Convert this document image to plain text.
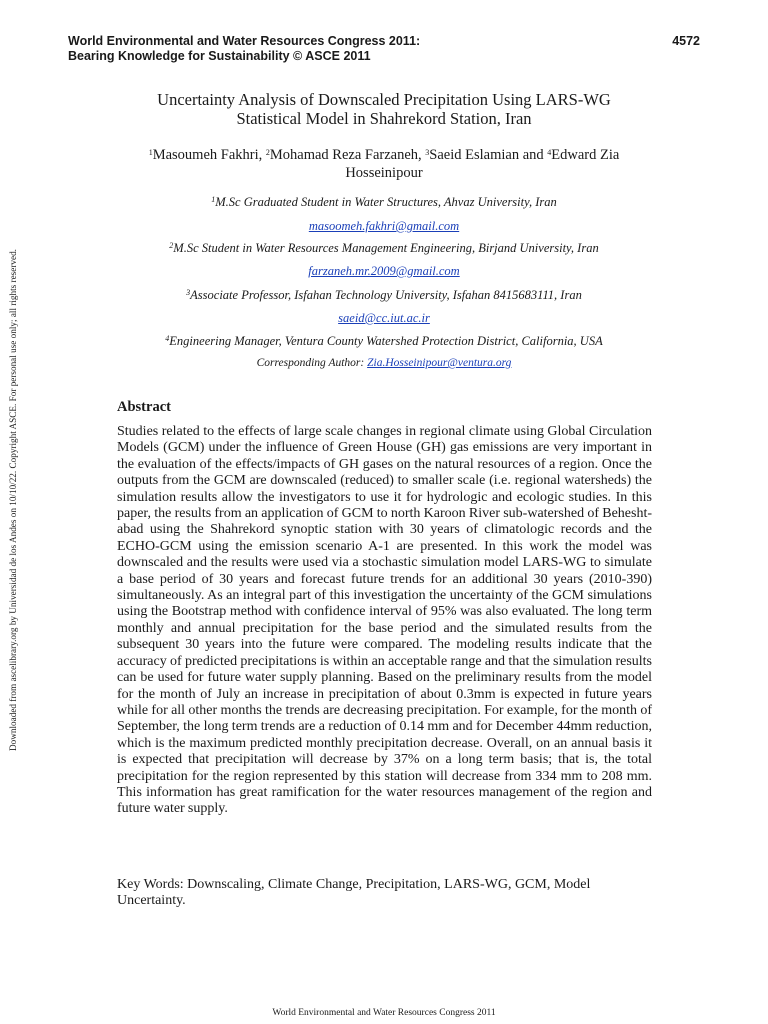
World Environmental and Water Resources Congress 2011:
Bearing Knowledge for Sustainability © ASCE 2011
4572
Downloaded from ascelibrary.org by Universidad de los Andes on 10/10/22. Copyright ASCE. For personal use only; all rights reserved.
Uncertainty Analysis of Downscaled Precipitation Using LARS-WG
Statistical Model in Shahrekord Station, Iran
$^1$Masoumeh Fakhri, $^2$Mohamad Reza Farzaneh, $^3$Saeid Eslamian and $^4$Edward Zia Hosseinipour
$^1$M.Sc Graduated Student in Water Structures, Ahvaz University, Iran
masoomeh.fakhri@gmail.com
$^2$M.Sc Student in Water Resources Management Engineering, Birjand University, Iran
farzaneh.mr.2009@gmail.com
$^3$Associate Professor, Isfahan Technology University, Isfahan 8415683111, Iran
saeid@cc.iut.ac.ir
$^4$Engineering Manager, Ventura County Watershed Protection District, California, USA
Corresponding Author: Zia.Hosseinipour@ventura.org
Abstract
Studies related to the effects of large scale changes in regional climate using Global Circulation Models (GCM) under the influence of Green House (GH) gas emissions are very important in the evaluation of the effects/impacts of GH gases on the natural resources of a region. Once the outputs from the GCM are downscaled (reduced) to smaller scale (i.e. regional watersheds) the simulation results allow the investigators to use it for hydrologic and ecologic studies. In this paper, the results from an application of GCM to north Karoon River sub-watershed of Behesht-abad using the Shahrekord synoptic station with 30 years of climatologic records and the ECHO-GCM using the emission scenario A-1 are presented. In this work the model was downscaled and the results were used via a stochastic simulation model LARS-WG to simulate a base period of 30 years and forecast future trends for an additional 30 years (2010-390) simultaneously. As an integral part of this investigation the uncertainty of the GCM simulations using the Bootstrap method with confidence interval of 95% was also evaluated. The long term monthly and annual precipitation for the base period and the simulated results from the subsequent 30 years into the future were compared. The modeling results indicate that the accuracy of predicted precipitations is within an acceptable range and that the simulation results can be used for future water supply planning. Based on the preliminary results from the model for the month of July an increase in precipitation of about 0.3mm is expected in future years while for all other months the trends are decreasing precipitation. For example, for the month of September, the long term trends are a reduction of 0.14 mm and for December 44mm reduction, which is the maximum predicted monthly precipitation decrease. Overall, on an annual basis it is expected that precipitation will decrease by 37% on a long term basis; that is, the total precipitation for the region represented by this station will decrease from 334 mm to 208 mm. This information has great ramification for the water resources management of the region and future water supply.
Key Words: Downscaling, Climate Change, Precipitation, LARS-WG, GCM, Model Uncertainty.
World Environmental and Water Resources Congress 2011
